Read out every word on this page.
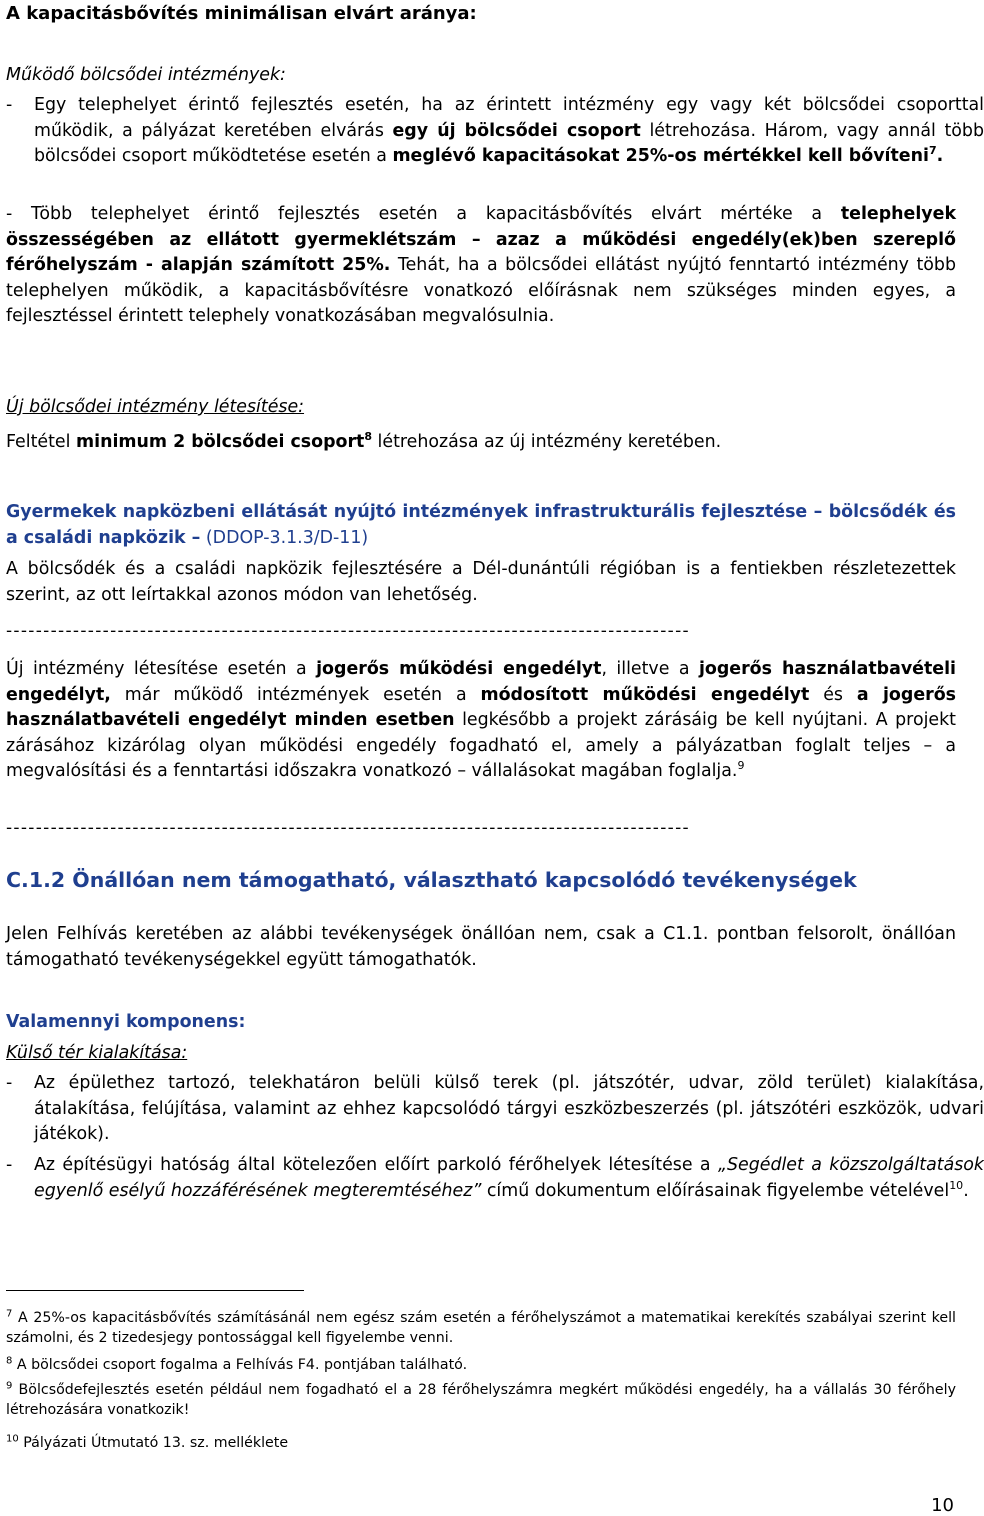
A kapacitásbővítés minimálisan elvárt aránya:
Működő bölcsődei intézmények:
- Egy telephelyet érintő fejlesztés esetén, ha az érintett intézmény egy vagy két bölcsődei csoporttal működik, a pályázat keretében elvárás egy új bölcsődei csoport létrehozása. Három, vagy annál több bölcsődei csoport működtetése esetén a meglévő kapacitásokat 25%-os mértékkel kell bővíteni$^7$.
- Több telephelyet érintő fejlesztés esetén a kapacitásbővítés elvárt mértéke a telephelyek összességében az ellátott gyermeklétszám – azaz a működési engedély(ek)ben szereplő férőhelyszám - alapján számított 25%. Tehát, ha a bölcsődei ellátást nyújtó fenntartó intézmény több telephelyen működik, a kapacitásbővítésre vonatkozó előírásnak nem szükséges minden egyes, a fejlesztéssel érintett telephely vonatkozásában megvalósulnia.
Új bölcsődei intézmény létesítése:
Feltétel minimum 2 bölcsődei csoport$^8$ létrehozása az új intézmény keretében.
Gyermekek napközbeni ellátását nyújtó intézmények infrastrukturális fejlesztése – bölcsődék és a családi napközik – (DDOP-3.1.3/D-11)
A bölcsődék és a családi napközik fejlesztésére a Dél-dunántúli régióban is a fentiekben részletezettek szerint, az ott leírtakkal azonos módon van lehetőség.
--------------------------------------------------------------------------------------------
Új intézmény létesítése esetén a jogerős működési engedélyt, illetve a jogerős használatbavételi engedélyt, már működő intézmények esetén a módosított működési engedélyt és a jogerős használatbavételi engedélyt minden esetben legkésőbb a projekt zárásáig be kell nyújtani. A projekt zárásához kizárólag olyan működési engedély fogadható el, amely a pályázatban foglalt teljes – a megvalósítási és a fenntartási időszakra vonatkozó – vállalásokat magában foglalja.$^9$
--------------------------------------------------------------------------------------------
C.1.2 Önállóan nem támogatható, választható kapcsolódó tevékenységek
Jelen Felhívás keretében az alábbi tevékenységek önállóan nem, csak a C1.1. pontban felsorolt, önállóan támogatható tevékenységekkel együtt támogathatók.
Valamennyi komponens:
Külső tér kialakítása:
- Az épülethez tartozó, telekhatáron belüli külső terek (pl. játszótér, udvar, zöld terület) kialakítása, átalakítása, felújítása, valamint az ehhez kapcsolódó tárgyi eszközbeszerzés (pl. játszótéri eszközök, udvari játékok).
- Az építésügyi hatóság által kötelezően előírt parkoló férőhelyek létesítése a „Segédlet a közszolgáltatások egyenlő esélyű hozzáférésének megteremtéséhez” című dokumentum előírásainak figyelembe vételével$^{10}$.
$^7$ A 25%-os kapacitásbővítés számításánál nem egész szám esetén a férőhelyszámot a matematikai kerekítés szabályai szerint kell számolni, és 2 tizedesjegy pontossággal kell figyelembe venni.
$^8$ A bölcsődei csoport fogalma a Felhívás F4. pontjában található.
$^9$ Bölcsődefejlesztés esetén például nem fogadható el a 28 férőhelyszámra megkért működési engedély, ha a vállalás 30 férőhely létrehozására vonatkozik!
$^{10}$ Pályázati Útmutató 13. sz. melléklete
10
